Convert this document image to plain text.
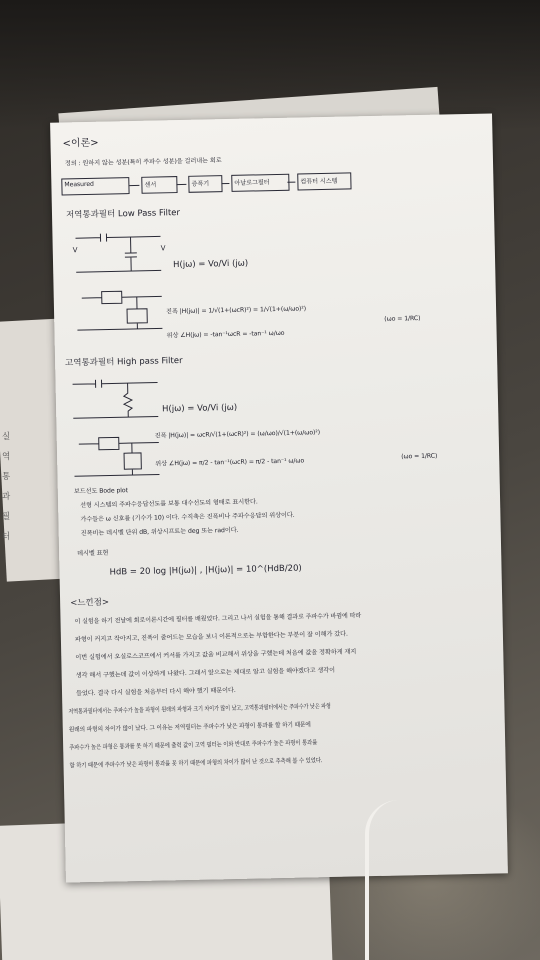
실
역
통
과
필
터
<이론>
정의 : 원하지 않는 성분(특히 주파수 성분)을 걸러내는 회로
Measured	센서	증폭기	아날로그필터	컴퓨터 시스템
저역통과필터 Low Pass Filter
V	V
H(jω) = Vo/Vi (jω)
진폭 |H(jω)| = 1/√(1+(ωcR)²) = 1/√(1+(ω/ωo)²)
위상 ∠H(jω) = -tan⁻¹ωcR = -tan⁻¹ ω/ωo
(ωo = 1/RC)
고역통과필터 High pass Filter
H(jω) = Vo/Vi (jω)
진폭 |H(jω)| = ωcR/√(1+(ωcR)²) = (ω/ωo)/√(1+(ω/ωo)²)
위상 ∠H(jω) = π/2 - tan⁻¹(ωcR) = π/2 - tan⁻¹ ω/ωo
(ωo = 1/RC)
보드선도 Bode plot
선형 시스템의 주파수응답선도를 보통 대수선도의 형태로 표시한다.
가수들은 ω 신호를 (기수가 10) 이다. 수직축은 진폭비나 주파수응답의 위상이다.
진폭비는 데시벨 단위 dB, 위상시프트는 deg 또는 rad이다.
데시벨 표현
HdB = 20 log |H(jω)| , |H(jω)| = 10^(HdB/20)
<느낀점>
이 실험을 하기 전날에 회로이론시간에 필터를 배웠었다. 그리고 나서 실험을 통해 결과로 주파수가 바뀜에 따라
파형이 커지고 작아지고, 진폭이 줄어드는 모습을 보니 이론적으로는 부합한다는 부분이 잘 이해가 갔다.
이번 실험에서 오실로스코프에서 커서를 가지고 값을 비교해서 위상을 구했는데 처음에 값을 정확하게 재지
생각 해서 구했는데 값이 이상하게 나왔다. 그래서 앞으로는 제대로 알고 실험을 해야겠다고 생각이
들었다. 결국 다시 실험을 처음부터 다시 해야 했기 때문이다.
저역통과필터에서는 주파수가 높을 파형이 원래의 파형과 크기 차이가 많이 났고, 고역통과필터에서는 주파수가 낮은 파형
원래의 파형의 차이가 많이 났다. 그 이유는 저역필터는 주파수가 낮은 파형이 통과를 할 하기 때문에
주파수가 높은 파형은 통과를 못 하기 때문에 출력 값이 고역 필터는 이와 반대로 주파수가 높은 파형이 통과를
할 하기 때문에 주파수가 낮은 파형이 통과를 못 하기 때문에 파형의 차이가 많이 난 것으로 추측해 볼 수 있었다.
